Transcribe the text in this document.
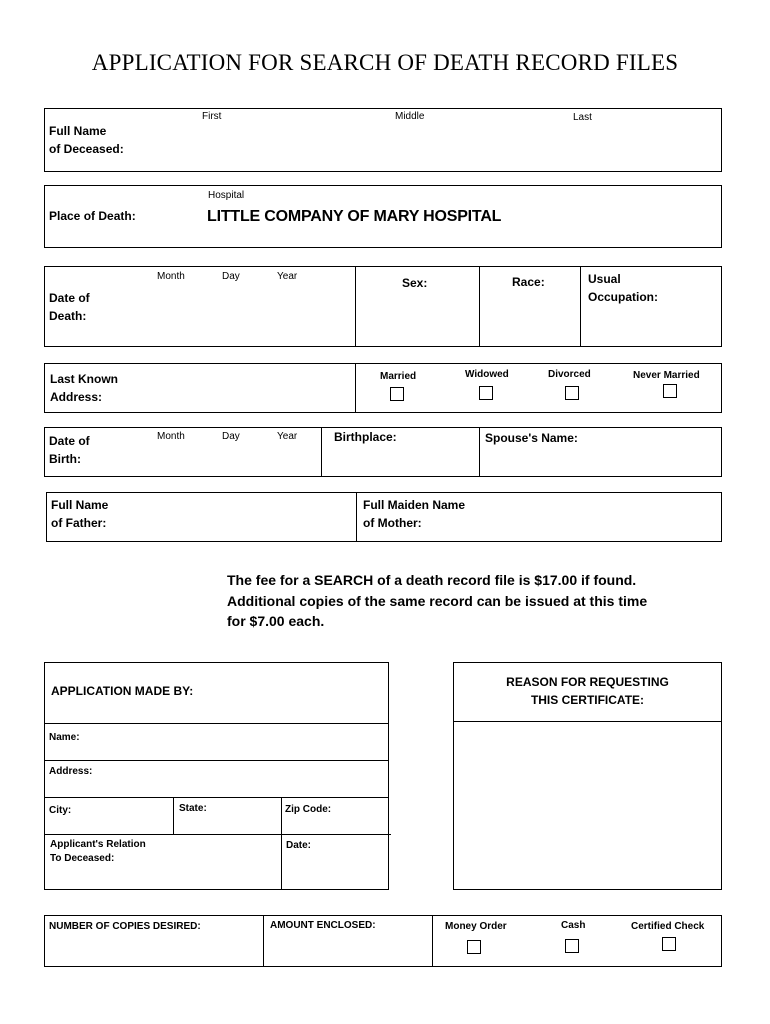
APPLICATION FOR SEARCH OF DEATH RECORD FILES
First	Middle	Last
Full Name
of Deceased:
Hospital
Place of Death:	LITTLE COMPANY OF MARY HOSPITAL
Month	Day	Year
Date of
Death:
Sex:	Race:	Usual
Occupation:
Last Known
Address:
Married	Widowed	Divorced	Never Married
Date of
Birth:
Month	Day	Year	Birthplace:	Spouse's Name:
Full Name
of Father:
Full Maiden Name
of Mother:
The fee for a SEARCH of a death record file is $17.00 if found.
Additional copies of the same record can be issued at this time
for $7.00 each.
APPLICATION MADE BY:
Name:
Address:
City:	State:	Zip Code:
Applicant's Relation
To Deceased:
Date:
REASON FOR REQUESTING
THIS CERTIFICATE:
NUMBER OF COPIES DESIRED:	AMOUNT ENCLOSED:	Money Order	Cash	Certified Check
